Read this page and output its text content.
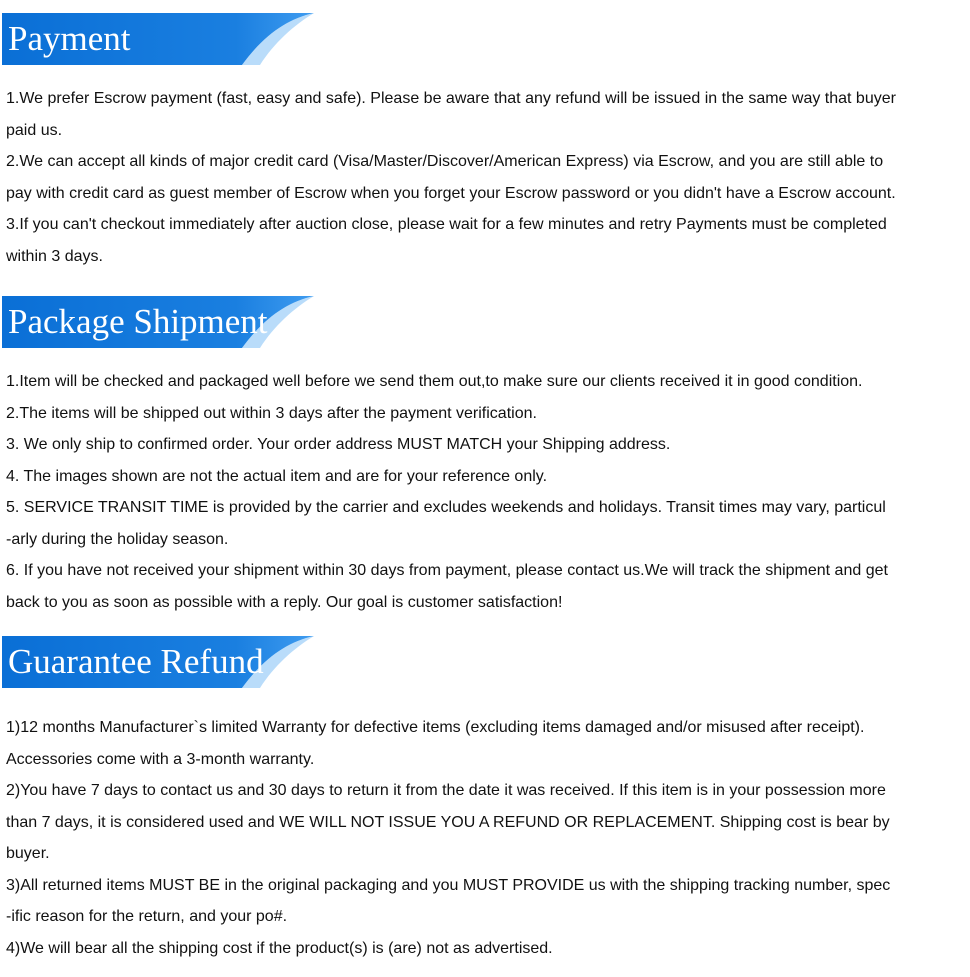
Payment
1.We prefer Escrow payment (fast, easy and safe). Please be aware that any refund will be issued in the same way that buyer
paid us.
2.We can accept all kinds of major credit card (Visa/Master/Discover/American Express) via Escrow, and you are still able to
pay with credit card as guest member of Escrow when you forget your Escrow password or you didn't have a Escrow account.
3.If you can't checkout immediately after auction close, please wait for a few minutes and retry Payments must be completed
within 3 days.
Package Shipment
1.Item will be checked and packaged well before we send them out,to make sure our clients received it in good condition.
2.The items will be shipped out within 3 days after the payment verification.
3. We only ship to confirmed order. Your order address MUST MATCH your Shipping address.
4. The images shown are not the actual item and are for your reference only.
5. SERVICE TRANSIT TIME is provided by the carrier and excludes weekends and holidays. Transit times may vary, particul
-arly during the holiday season.
6. If you have not received your shipment within 30 days from payment, please contact us.We will track the shipment and get
back to you as soon as possible with a reply. Our goal is customer satisfaction!
Guarantee Refund
1)12 months Manufacturer`s limited Warranty for defective items (excluding items damaged and/or misused after receipt).
Accessories come with a 3-month warranty.
2)You have 7 days to contact us and 30 days to return it from the date it was received. If this item is in your possession more
than 7 days, it is considered used and WE WILL NOT ISSUE YOU A REFUND OR REPLACEMENT. Shipping cost is bear by
buyer.
3)All returned items MUST BE in the original packaging and you MUST PROVIDE us with the shipping tracking number, spec
-ific reason for the return, and your po#.
4)We will bear all the shipping cost if the product(s) is (are) not as advertised.
